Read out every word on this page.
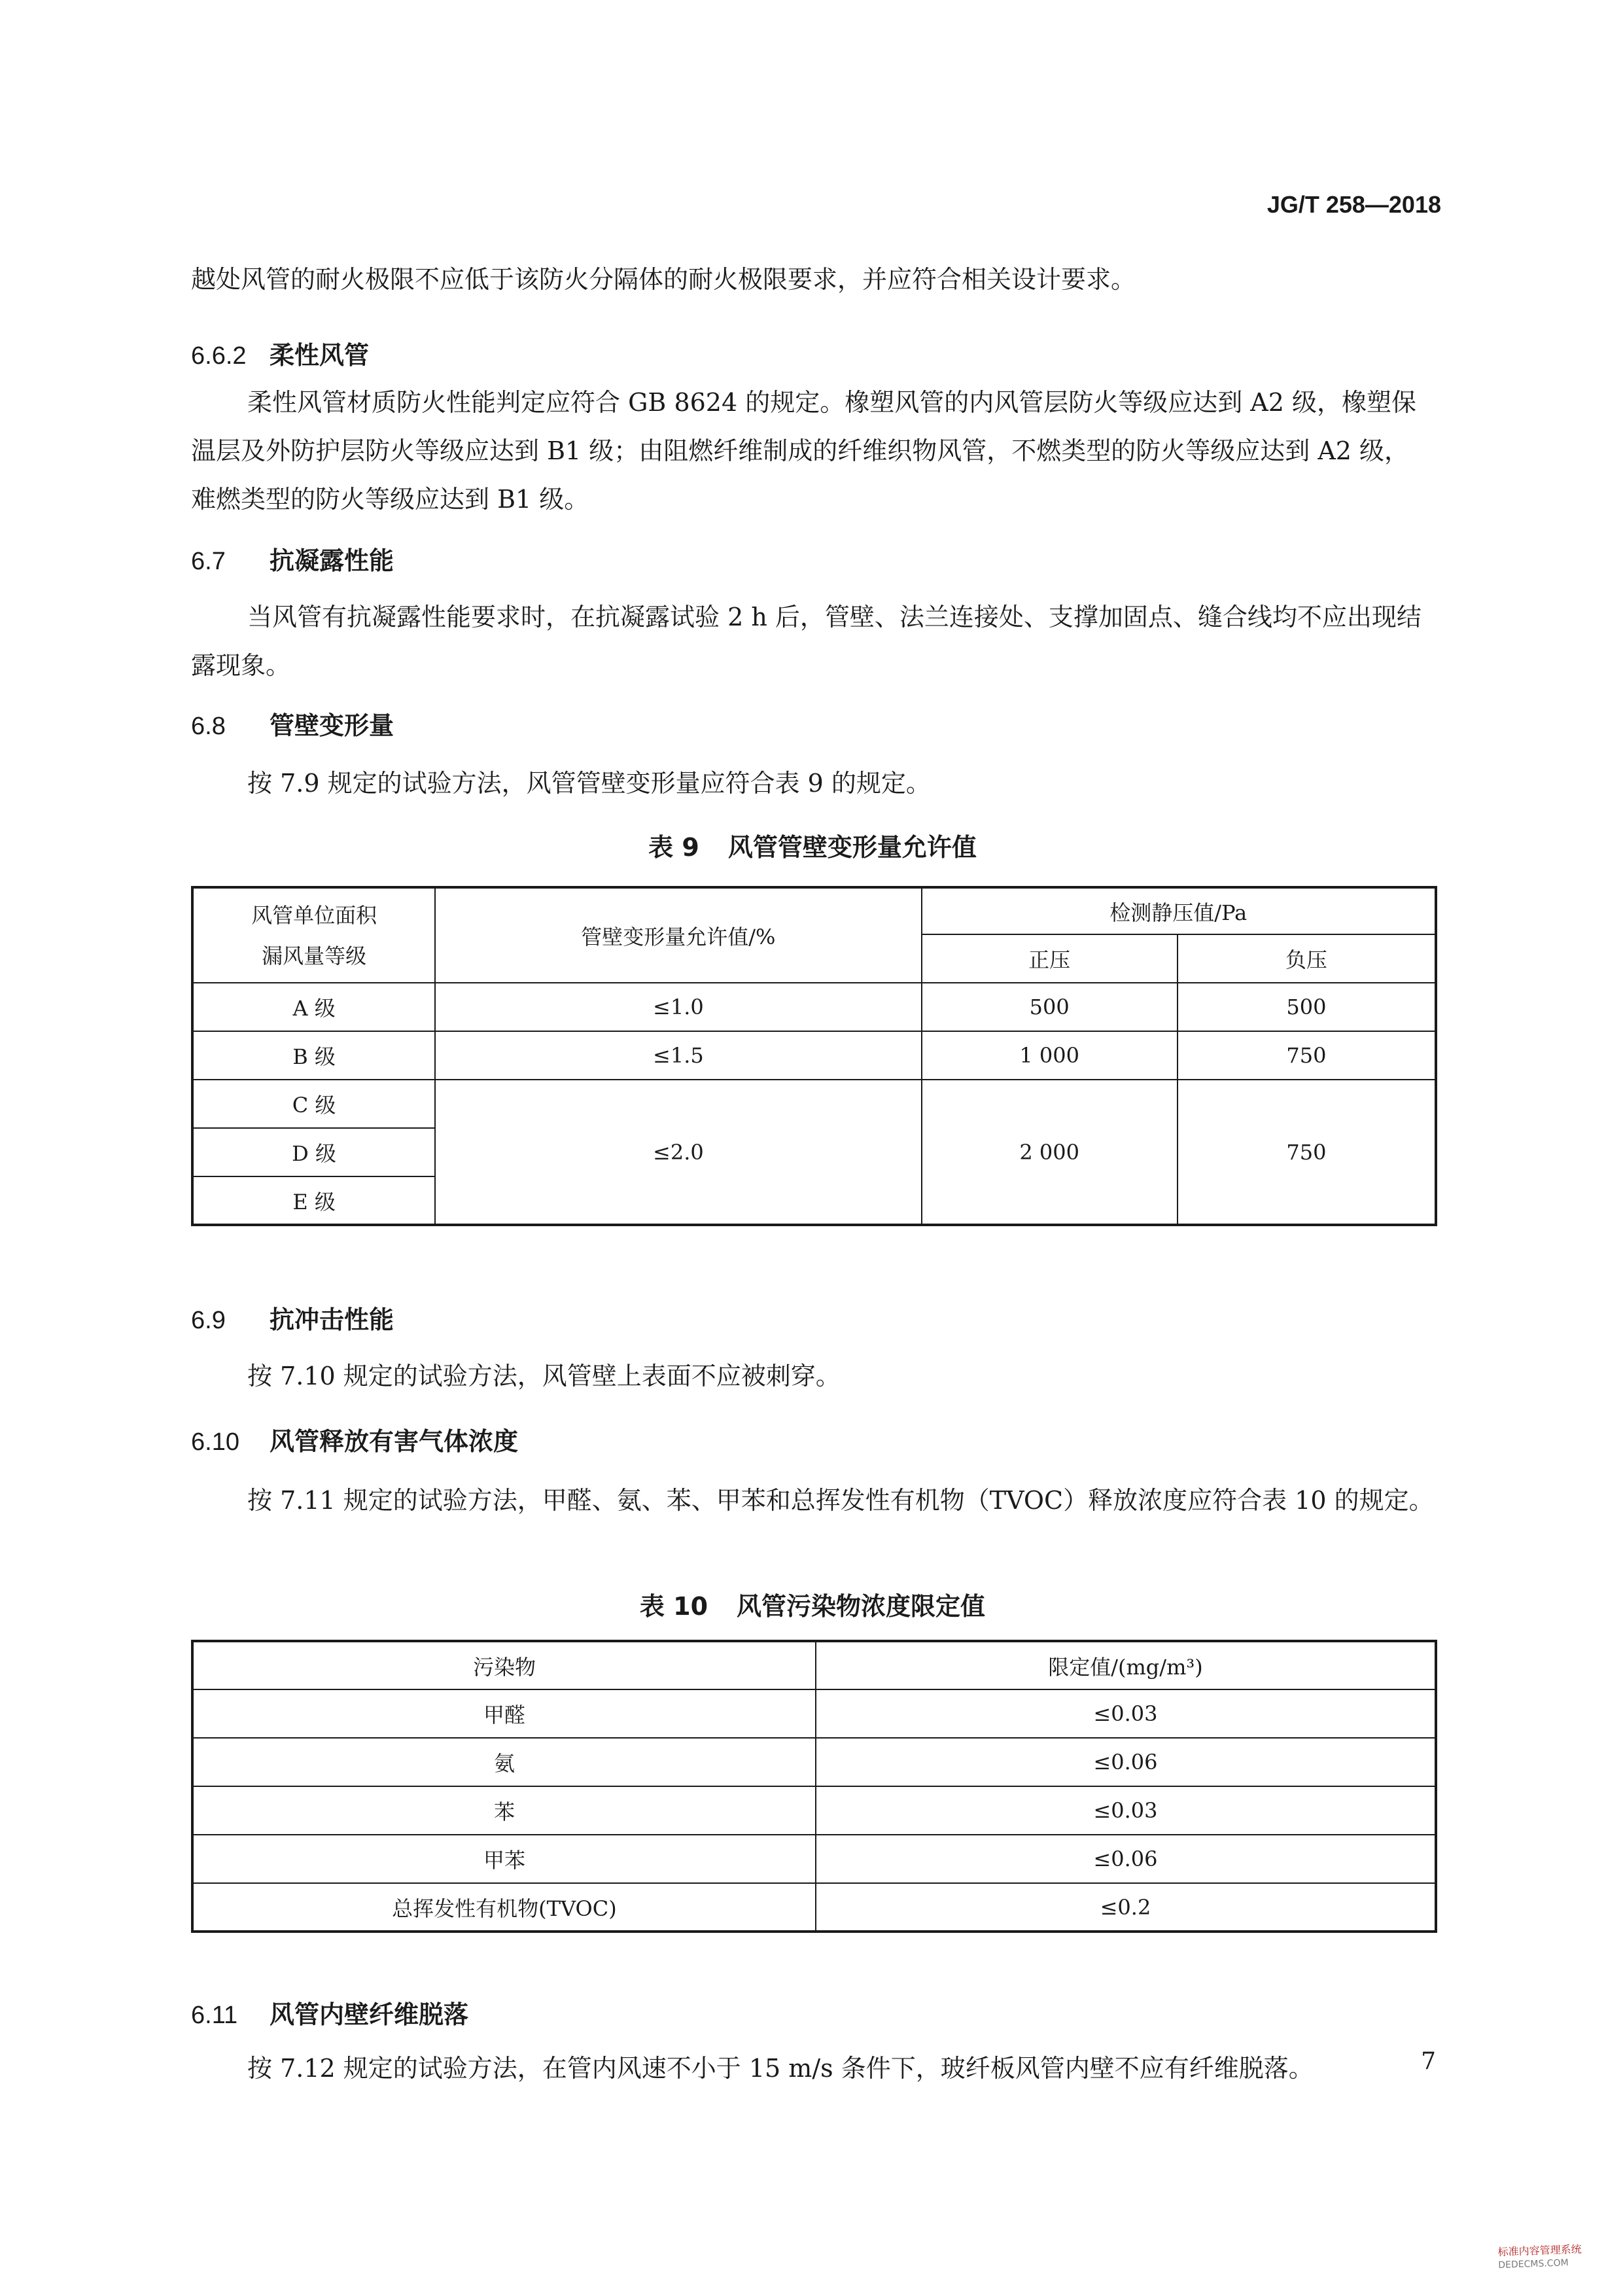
JG/T 258—2018

越处风管的耐火极限不应低于该防火分隔体的耐火极限要求，并应符合相关设计要求。

6.6.2 柔性风管

柔性风管材质防火性能判定应符合 GB 8624 的规定。橡塑风管的内风管层防火等级应达到 A2 级，橡塑保温层及外防护层防火等级应达到 B1 级；由阻燃纤维制成的纤维织物风管，不燃类型的防火等级应达到 A2 级，难燃类型的防火等级应达到 B1 级。

6.7 抗凝露性能

当风管有抗凝露性能要求时，在抗凝露试验 2 h 后，管壁、法兰连接处、支撑加固点、缝合线均不应出现结露现象。

6.8 管壁变形量

按 7.9 规定的试验方法，风管管壁变形量应符合表 9 的规定。

表 9 风管管壁变形量允许值

风管单位面积
漏风量等级	管壁变形量允许值/%	检测静压值/Pa	
		正压	负压
A 级	≤1.0	500	500
B 级	≤1.5	1 000	750
C 级	≤2.0	2 000	750
D 级			
E 级			
6.9 抗冲击性能

按 7.10 规定的试验方法，风管壁上表面不应被刺穿。

6.10 风管释放有害气体浓度

按 7.11 规定的试验方法，甲醛、氨、苯、甲苯和总挥发性有机物（TVOC）释放浓度应符合表 10 的规定。

表 10 风管污染物浓度限定值

污染物	限定值/(mg/m³)
甲醛	≤0.03
氨	≤0.06
苯	≤0.03
甲苯	≤0.06
总挥发性有机物(TVOC)	≤0.2
6.11 风管内壁纤维脱落

按 7.12 规定的试验方法，在管内风速不小于 15 m/s 条件下，玻纤板风管内壁不应有纤维脱落。	7
标准内容管理系统
DEDECMS.COM
